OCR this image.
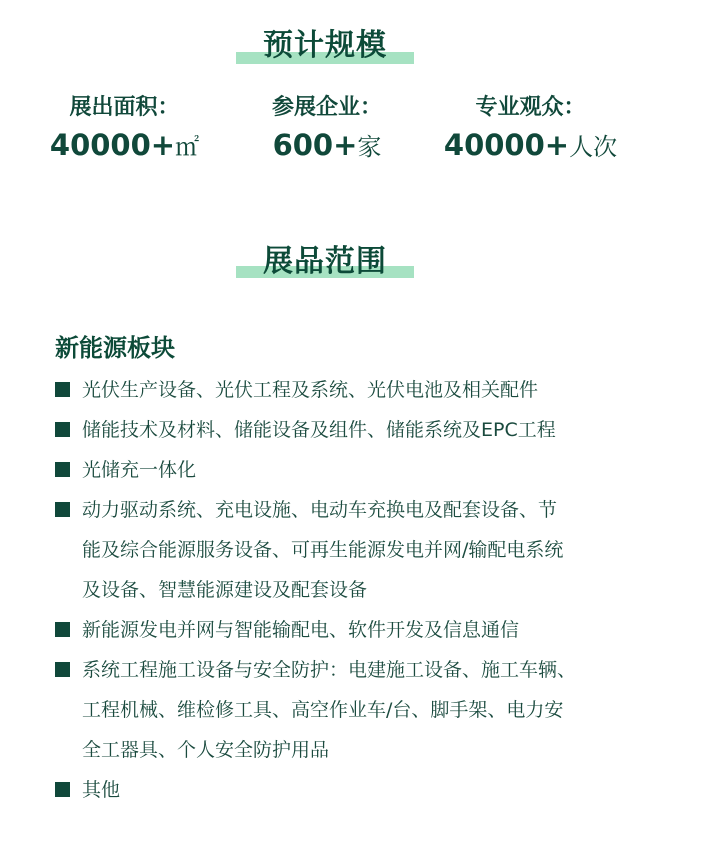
预计规模
展出面积：
40000+㎡
参展企业：
600+家
专业观众：
40000+人次
展品范围
新能源板块
光伏生产设备、光伏工程及系统、光伏电池及相关配件
储能技术及材料、储能设备及组件、储能系统及EPC工程
光储充一体化
动力驱动系统、充电设施、电动车充换电及配套设备、节
能及综合能源服务设备、可再生能源发电并网/输配电系统
及设备、智慧能源建设及配套设备
新能源发电并网与智能输配电、软件开发及信息通信
系统工程施工设备与安全防护：电建施工设备、施工车辆、
工程机械、维检修工具、高空作业车/台、脚手架、电力安
全工器具、个人安全防护用品
其他
